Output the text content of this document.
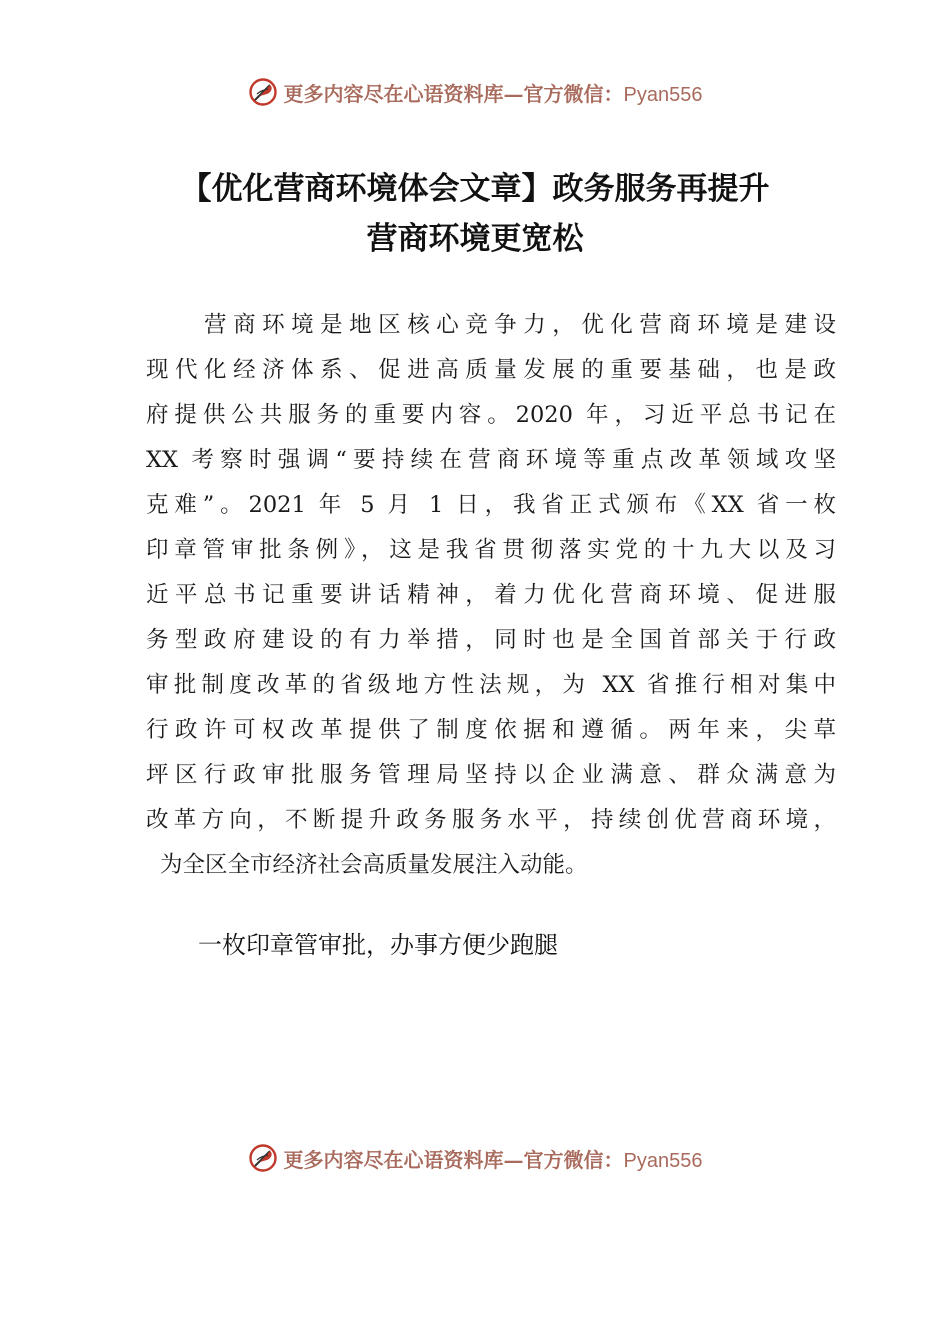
更多内容尽在心语资料库—官方微信：Pyan556
【优化营商环境体会文章】政务服务再提升
营商环境更宽松
　　营商环境是地区核心竞争力，优化营商环境是建设
现代化经济体系、促进高质量发展的重要基础，也是政
府提供公共服务的重要内容。2020 年，习近平总书记在
XX 考察时强调“要持续在营商环境等重点改革领域攻坚
克难”。2021 年 5 月 1 日，我省正式颁布《XX 省一枚
印章管审批条例》，这是我省贯彻落实党的十九大以及习
近平总书记重要讲话精神，着力优化营商环境、促进服
务型政府建设的有力举措，同时也是全国首部关于行政
审批制度改革的省级地方性法规，为 XX 省推行相对集中
行政许可权改革提供了制度依据和遵循。两年来，尖草
坪区行政审批服务管理局坚持以企业满意、群众满意为
改革方向，不断提升政务服务水平，持续创优营商环境，
为全区全市经济社会高质量发展注入动能。
一枚印章管审批，办事方便少跑腿
更多内容尽在心语资料库—官方微信：Pyan556
